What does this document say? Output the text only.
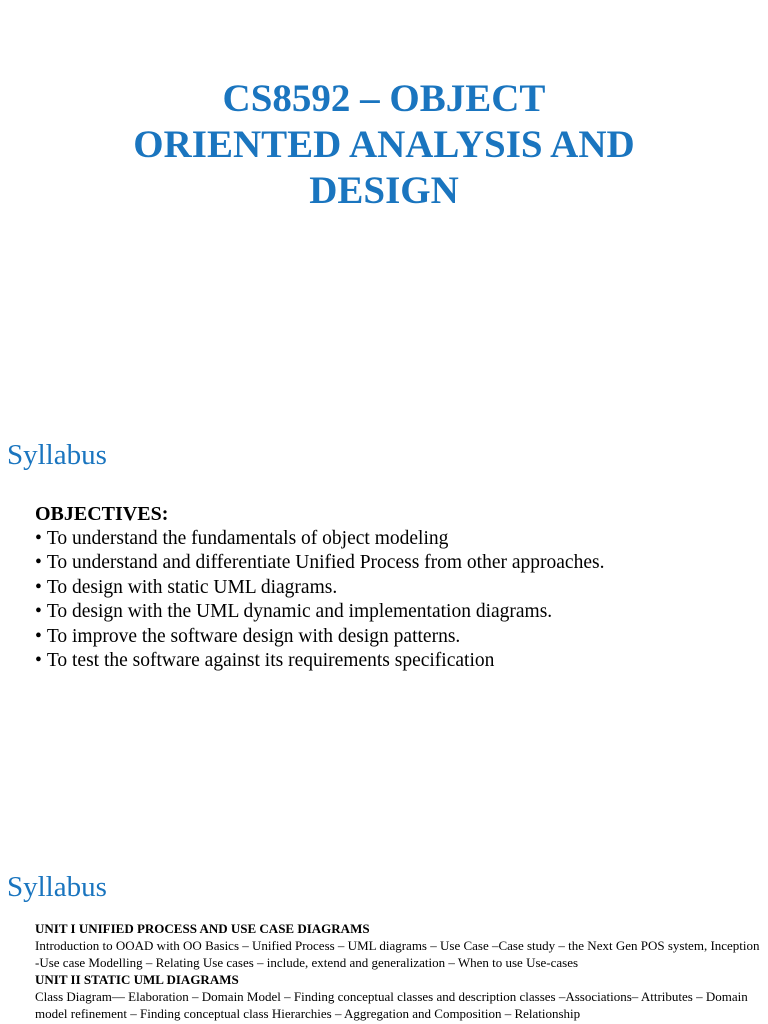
CS8592 – OBJECT
ORIENTED ANALYSIS AND
DESIGN
Syllabus
OBJECTIVES:
• To understand the fundamentals of object modeling
• To understand and differentiate Unified Process from other approaches.
• To design with static UML diagrams.
• To design with the UML dynamic and implementation diagrams.
• To improve the software design with design patterns.
• To test the software against its requirements specification
Syllabus

UNIT I UNIFIED PROCESS AND USE CASE DIAGRAMS

Introduction to OOAD with OO Basics – Unified Process – UML diagrams – Use Case –Case study – the Next Gen POS system, Inception -Use case Modelling – Relating Use cases – include, extend and generalization – When to use Use-cases

UNIT II STATIC UML DIAGRAMS

Class Diagram–– Elaboration – Domain Model – Finding conceptual classes and description classes –Associations– Attributes – Domain model refinement – Finding conceptual class Hierarchies – Aggregation and Composition – Relationship
